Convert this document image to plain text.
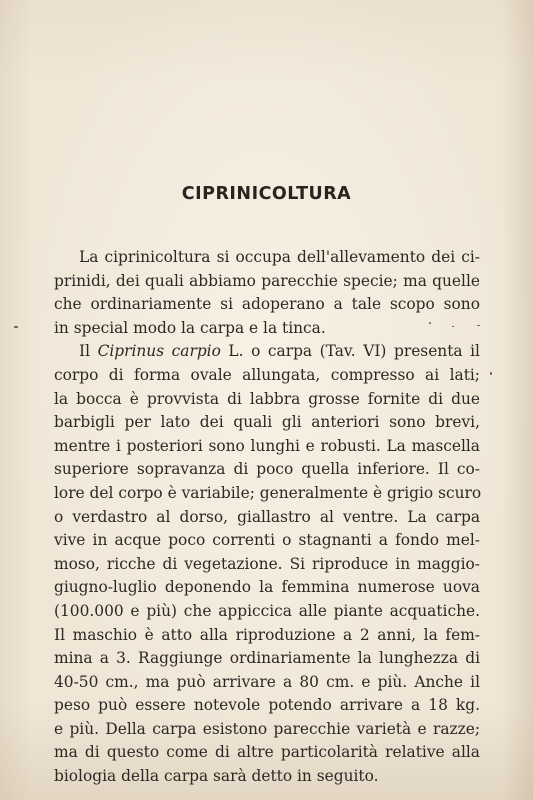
CIPRINICOLTURA
La ciprinicoltura si occupa dell'allevamento dei ci-
prinidi, dei quali abbiamo parecchie specie; ma quelle
che ordinariamente si adoperano a tale scopo sono
in special modo la carpa e la tinca.
Il Ciprinus carpio L. o carpa (Tav. VI) presenta il
corpo di forma ovale allungata, compresso ai lati;
la bocca è provvista di labbra grosse fornite di due
barbigli per lato dei quali gli anteriori sono brevi,
mentre i posteriori sono lunghi e robusti. La mascella
superiore sopravanza di poco quella inferiore. Il co-
lore del corpo è variabile; generalmente è grigio scuro
o verdastro al dorso, giallastro al ventre. La carpa
vive in acque poco correnti o stagnanti a fondo mel-
moso, ricche di vegetazione. Si riproduce in maggio-
giugno-luglio deponendo la femmina numerose uova
(100.000 e più) che appiccica alle piante acquatiche.
Il maschio è atto alla riproduzione a 2 anni, la fem-
mina a 3. Raggiunge ordinariamente la lunghezza di
40-50 cm., ma può arrivare a 80 cm. e più. Anche il
peso può essere notevole potendo arrivare a 18 kg.
e più. Della carpa esistono parecchie varietà e razze;
ma di questo come di altre particolarità relative alla
biologia della carpa sarà detto in seguito.
